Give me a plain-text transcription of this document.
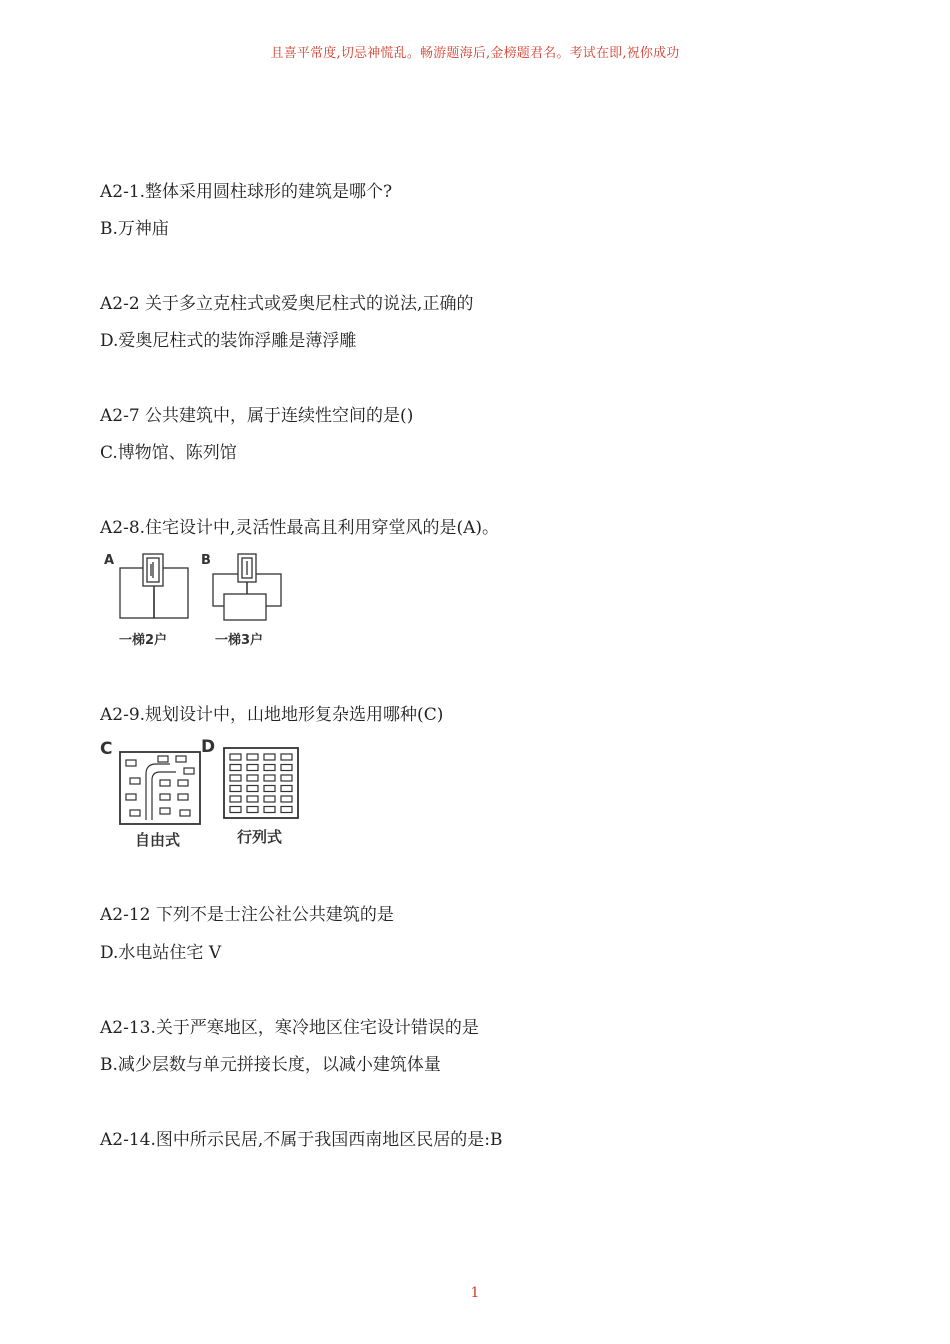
且喜平常度,切忌神慌乱。畅游题海后,金榜题君名。考试在即,祝你成功
A2-1.整体采用圆柱球形的建筑是哪个?
B.万神庙
A2-2 关于多立克柱式或爱奥尼柱式的说法,正确的
D.爱奥尼柱式的装饰浮雕是薄浮雕
A2-7 公共建筑中，属于连续性空间的是()
C.博物馆、陈列馆
A2-8.住宅设计中,灵活性最高且利用穿堂风的是(A)。
A	B
一梯2户	一梯3户
A2-9.规划设计中，山地地形复杂选用哪种(C)
C	D
自由式	行列式
A2-12 下列不是士注公社公共建筑的是
D.水电站住宅 V
A2-13.关于严寒地区，寒冷地区住宅设计错误的是
B.减少层数与单元拼接长度，以减小建筑体量
A2-14.图中所示民居,不属于我国西南地区民居的是:B
1
